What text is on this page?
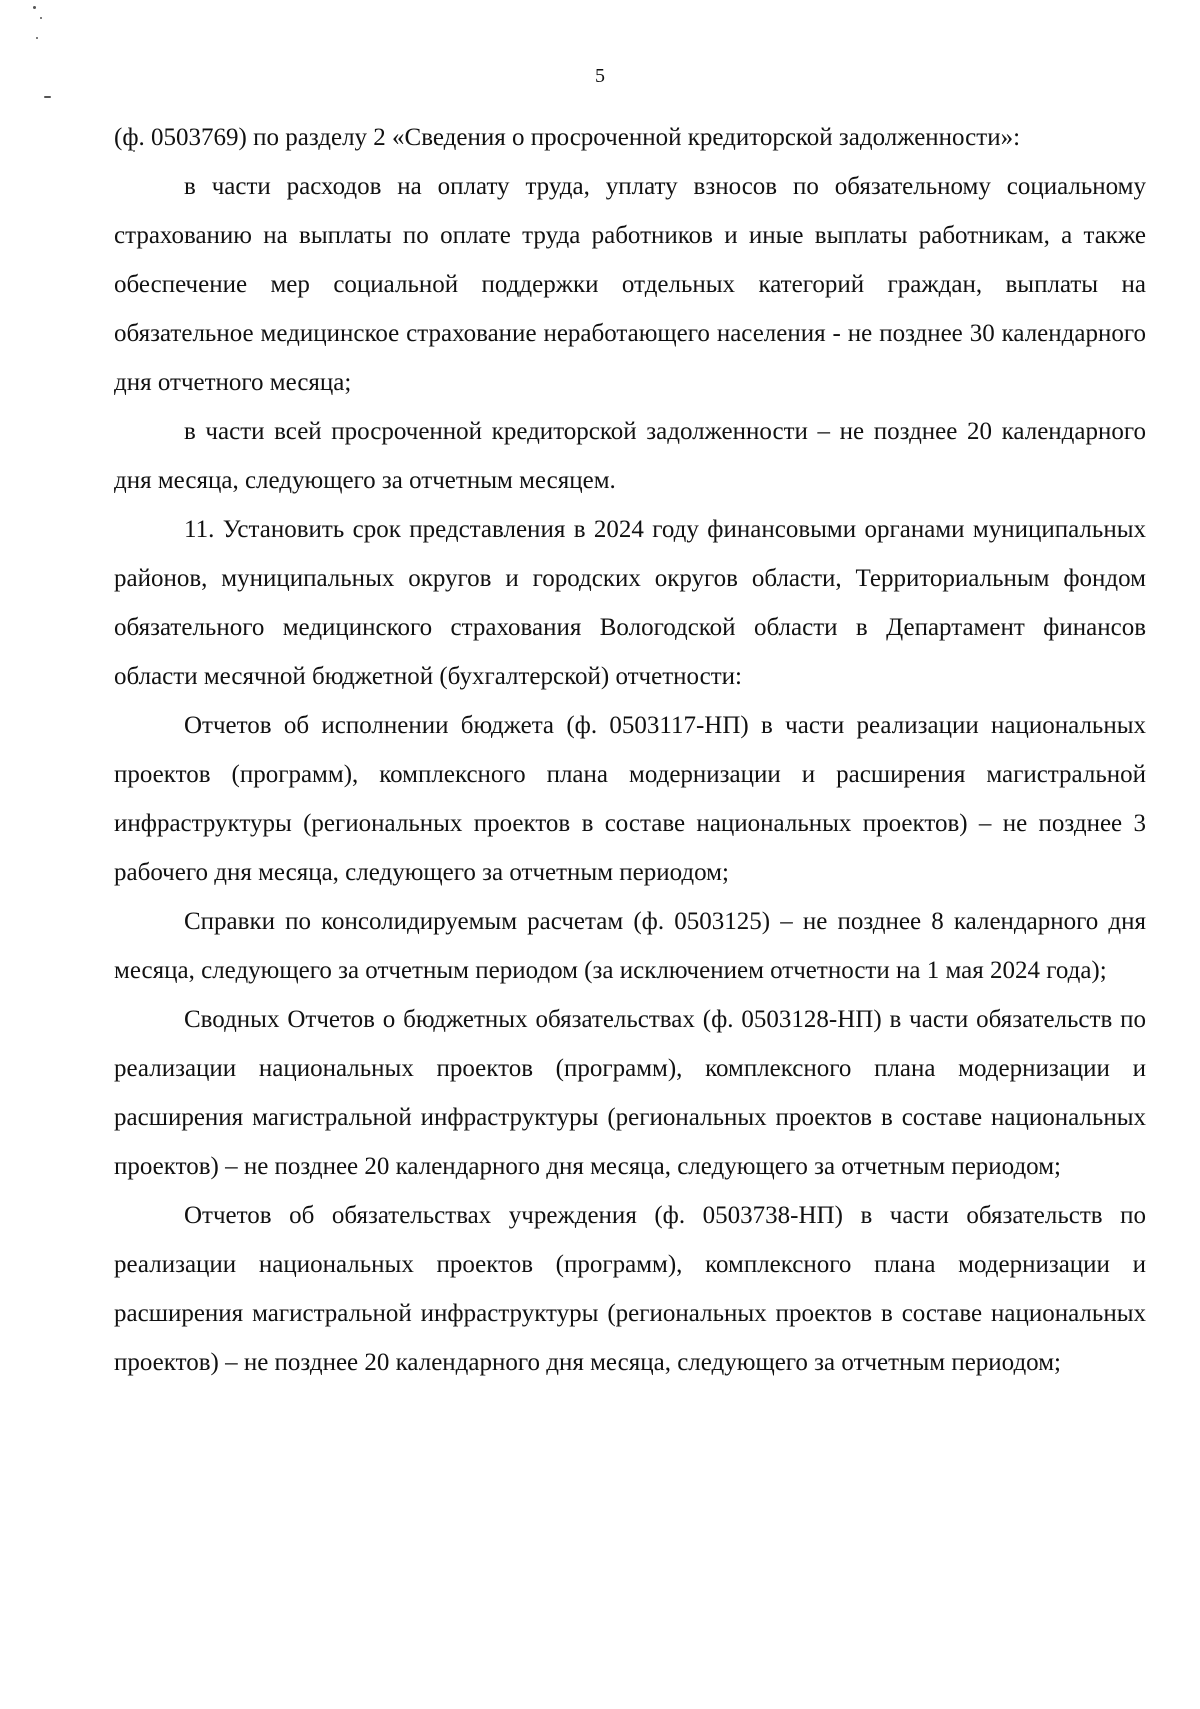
5

(ф. 0503769) по разделу 2 «Сведения о просроченной кредиторской задолженности»:

в части расходов на оплату труда, уплату взносов по обязательному социальному страхованию на выплаты по оплате труда работников и иные выплаты работникам, а также обеспечение мер социальной поддержки отдельных категорий граждан, выплаты на обязательное медицинское страхование неработающего населения - не позднее 30 календарного дня отчетного месяца;

в части всей просроченной кредиторской задолженности – не позднее 20 календарного дня месяца, следующего за отчетным месяцем.

11. Установить срок представления в 2024 году финансовыми органами муниципальных районов, муниципальных округов и городских округов области, Территориальным фондом обязательного медицинского страхования Вологодской области в Департамент финансов области месячной бюджетной (бухгалтерской) отчетности:

Отчетов об исполнении бюджета (ф. 0503117-НП) в части реализации национальных проектов (программ), комплексного плана модернизации и расширения магистральной инфраструктуры (региональных проектов в составе национальных проектов) – не позднее 3 рабочего дня месяца, следующего за отчетным периодом;

Справки по консолидируемым расчетам (ф. 0503125) – не позднее 8 календарного дня месяца, следующего за отчетным периодом (за исключением отчетности на 1 мая 2024 года);

Сводных Отчетов о бюджетных обязательствах (ф. 0503128-НП) в части обязательств по реализации национальных проектов (программ), комплексного плана модернизации и расширения магистральной инфраструктуры (региональных проектов в составе национальных проектов) – не позднее 20 календарного дня месяца, следующего за отчетным периодом;

Отчетов об обязательствах учреждения (ф. 0503738-НП) в части обязательств по реализации национальных проектов (программ), комплексного плана модернизации и расширения магистральной инфраструктуры (региональных проектов в составе национальных проектов) – не позднее 20 календарного дня месяца, следующего за отчетным периодом;
